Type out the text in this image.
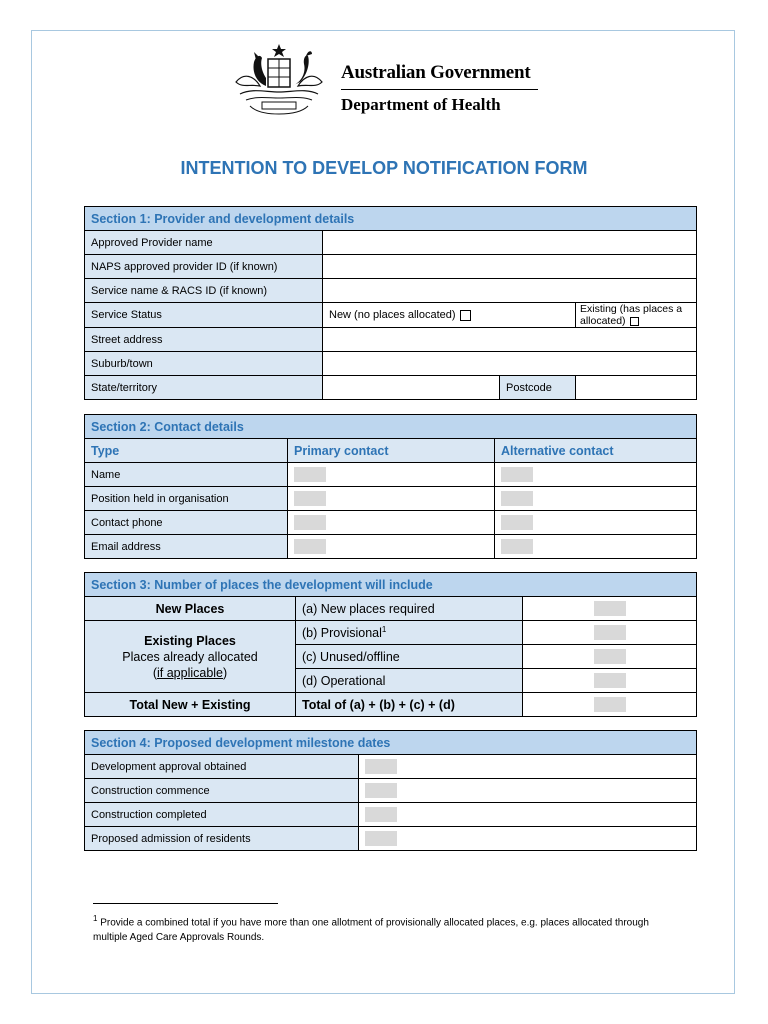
Australian Government
Department of Health
INTENTION TO DEVELOP NOTIFICATION FORM
Section 1: Provider and development details			
Approved Provider name			
NAPS approved provider ID (if known)			
Service name & RACS ID (if known)			
Service Status	New (no places allocated)		Existing (has places a allocated)
Street address			
Suburb/town			
State/territory		Postcode	
Section 2: Contact details		
Type	Primary contact	Alternative contact
Name		
Position held in organisation		
Contact phone		
Email address		
Section 3: Number of places the development will include		
New Places	(a) New places required	

Existing Places
Places already allocated
(if applicable)	(b) Provisional$^1$	
	(c) Unused/offline	
	(d) Operational	
Total New + Existing	Total of (a) + (b) + (c) + (d)	
Section 4: Proposed development milestone dates	
Development approval obtained	
Construction commence	
Construction completed	
Proposed admission of residents	
$^1$ Provide a combined total if you have more than one allotment of provisionally allocated places, e.g. places allocated through multiple Aged Care Approvals Rounds.
